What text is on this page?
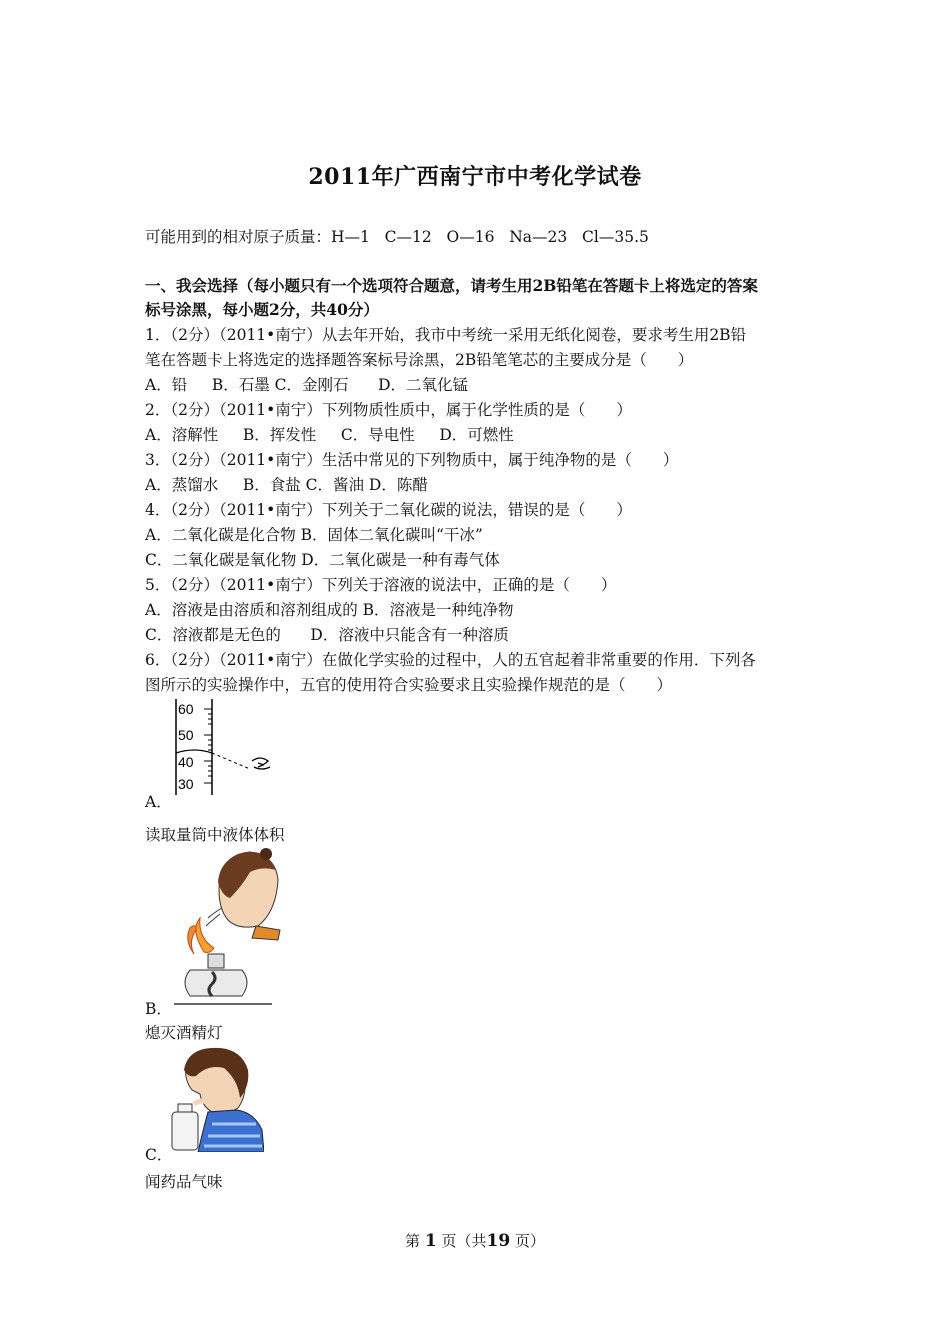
2011年广西南宁市中考化学试卷
可能用到的相对原子质量：H—1   C—12   O—16   Na—23   Cl—35.5
一、我会选择（每小题只有一个选项符合题意，请考生用2B铅笔在答题卡上将选定的答案
标号涂黑，每小题2分，共40分）
1．（2分）（2011•南宁）从去年开始，我市中考统一采用无纸化阅卷，要求考生用2B铅
笔在答题卡上将选定的选择题答案标号涂黑，2B铅笔笔芯的主要成分是（　　）
A．铅     B．石墨 C．金刚石      D．二氧化锰
2．（2分）（2011•南宁）下列物质性质中，属于化学性质的是（　　）
A．溶解性     B．挥发性     C．导电性     D．可燃性
3．（2分）（2011•南宁）生活中常见的下列物质中，属于纯净物的是（　　）
A．蒸馏水     B．食盐 C．酱油 D．陈醋
4．（2分）（2011•南宁）下列关于二氧化碳的说法，错误的是（　　）
A．二氧化碳是化合物 B．固体二氧化碳叫“干冰”
C．二氧化碳是氧化物 D．二氧化碳是一种有毒气体
5．（2分）（2011•南宁）下列关于溶液的说法中，正确的是（　　）
A．溶液是由溶质和溶剂组成的 B．溶液是一种纯净物
C．溶液都是无色的      D．溶液中只能含有一种溶质
6．（2分）（2011•南宁）在做化学实验的过程中，人的五官起着非常重要的作用．下列各
图所示的实验操作中，五官的使用符合实验要求且实验操作规范的是（　　）
60
50
40
30
A．
读取量筒中液体体积
B．
熄灭酒精灯
C．
闻药品气味
第 1 页（共19 页）
